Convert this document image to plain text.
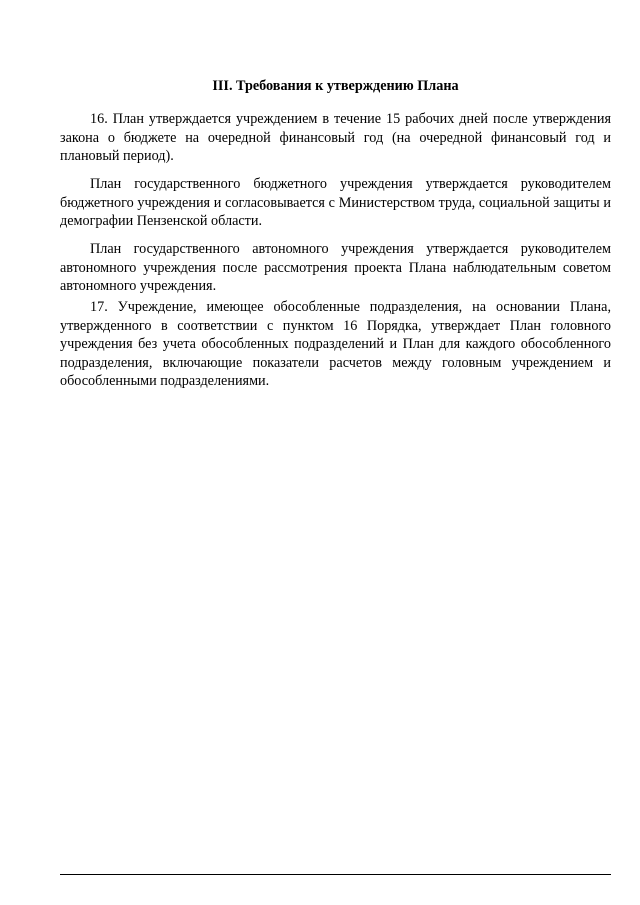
III. Требования к утверждению Плана

16. План утверждается учреждением в течение 15 рабочих дней после утверждения закона о бюджете на очередной финансовый год (на очередной финансовый год и плановый период).

План государственного бюджетного учреждения утверждается руководителем бюджетного учреждения и согласовывается с Министерством труда, социальной защиты и демографии Пензенской области.

План государственного автономного учреждения утверждается руководителем автономного учреждения после рассмотрения проекта Плана наблюдательным советом автономного учреждения.

17. Учреждение, имеющее обособленные подразделения, на основании Плана, утвержденного в соответствии с пунктом 16 Порядка, утверждает План головного учреждения без учета обособленных подразделений и План для каждого обособленного подразделения, включающие показатели расчетов между головным учреждением и обособленными подразделениями.
